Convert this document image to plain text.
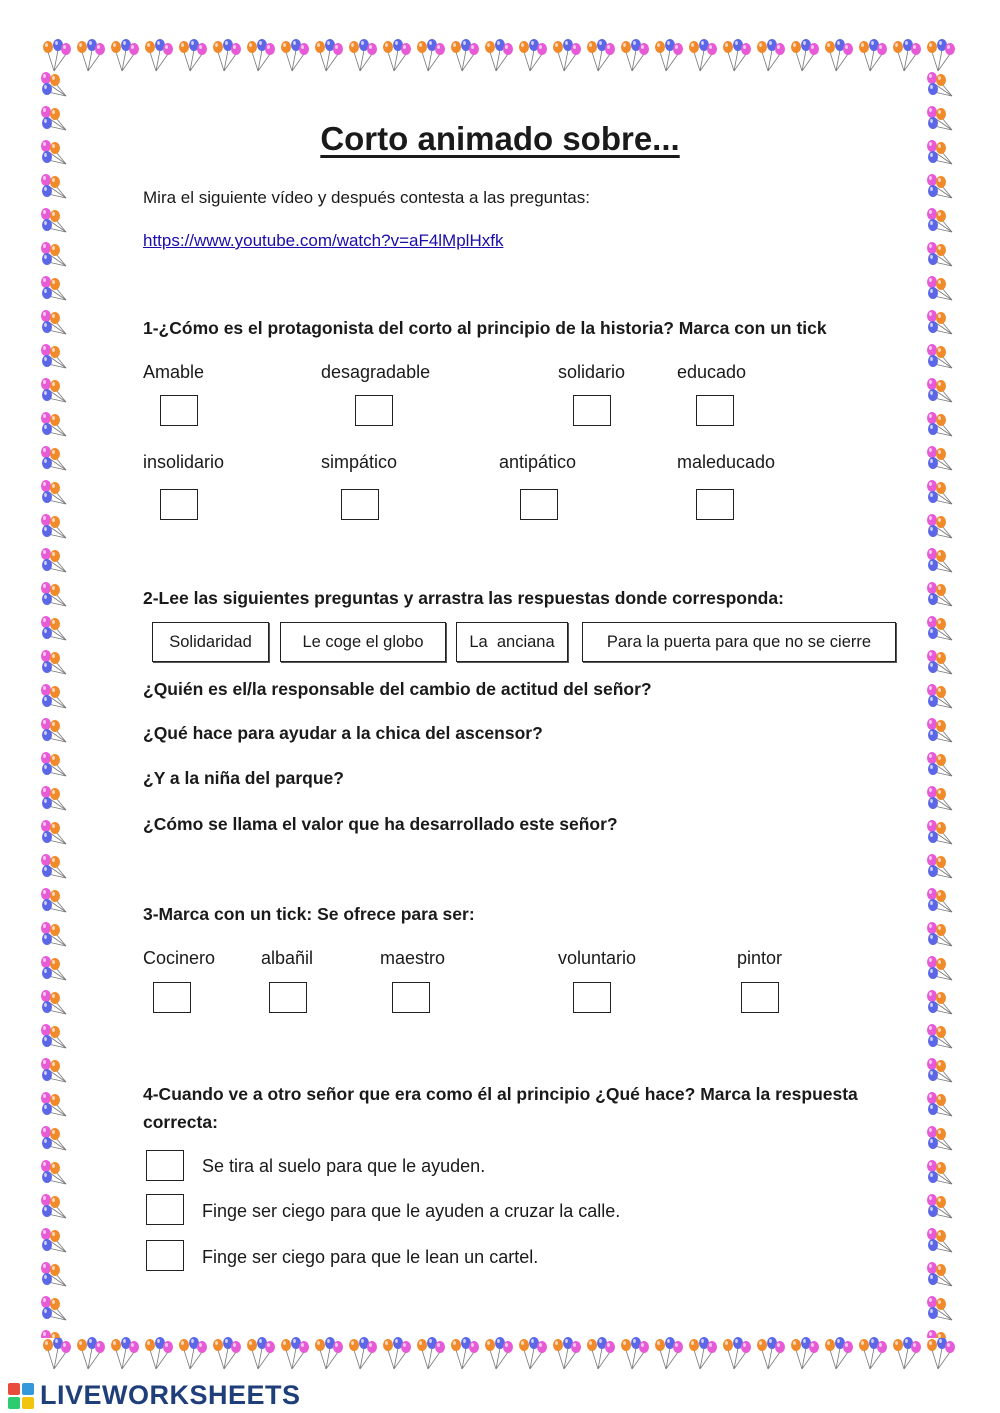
Corto animado sobre...
Mira el siguiente vídeo y después contesta a las preguntas:
https://www.youtube.com/watch?v=aF4lMplHxfk
1-¿Cómo es el protagonista del corto al principio de la historia? Marca con un tick
Amable	desagradable	solidario	educado
insolidario	simpático	antipático	maleducado
2-Lee las siguientes preguntas y arrastra las respuestas donde corresponda:
Solidaridad	Le coge el globo	La  anciana	Para la puerta para que no se cierre
¿Quién es el/la responsable del cambio de actitud del señor?
¿Qué hace para ayudar a la chica del ascensor?
¿Y a la niña del parque?
¿Cómo se llama el valor que ha desarrollado este señor?
3-Marca con un tick: Se ofrece para ser:
Cocinero	albañil	maestro	voluntario	pintor
4-Cuando ve a otro señor que era como él al principio ¿Qué hace? Marca la respuesta
correcta:
Se tira al suelo para que le ayuden.
Finge ser ciego para que le ayuden a cruzar la calle.
Finge ser ciego para que le lean un cartel.
LIVEWORKSHEETS
